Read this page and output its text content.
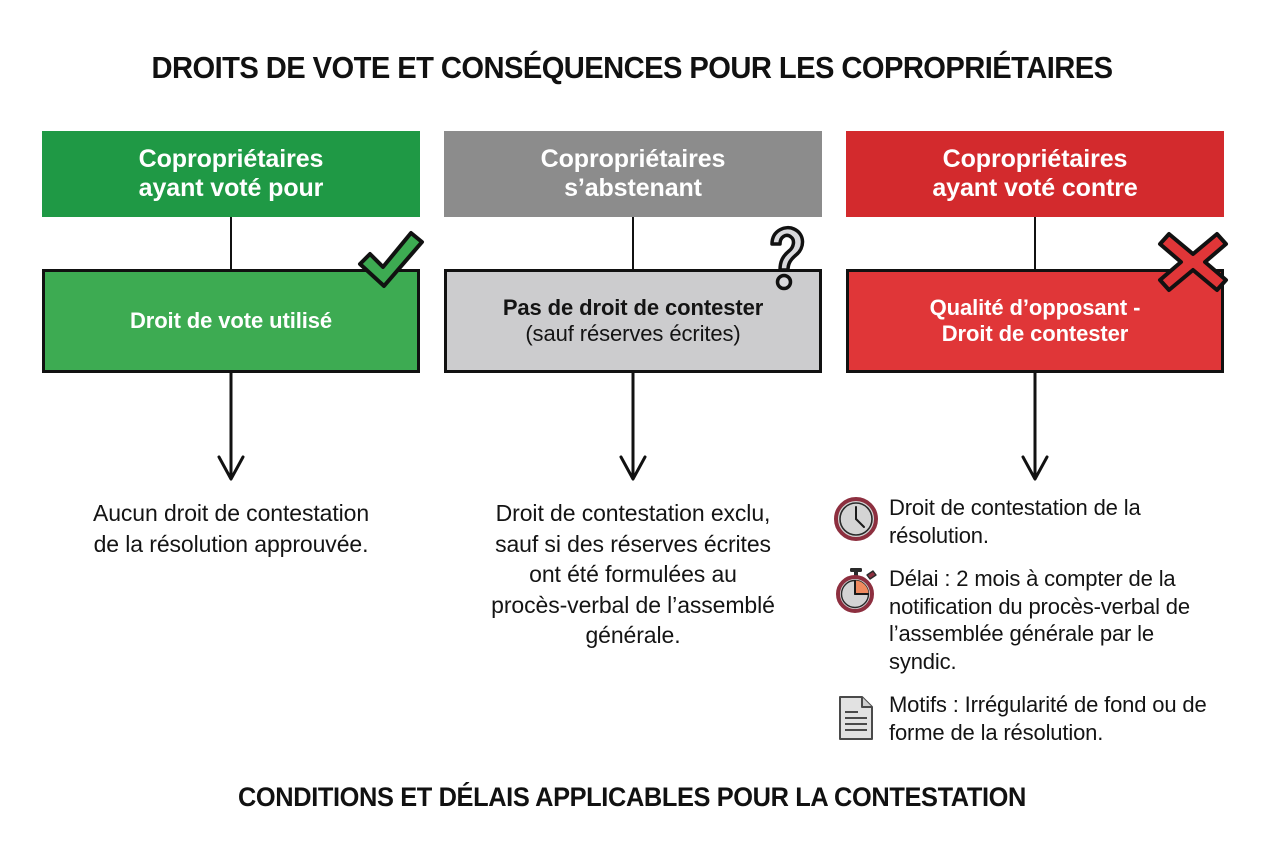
DROITS DE VOTE ET CONSÉQUENCES POUR LES COPROPRIÉTAIRES
Copropriétaires
ayant voté pour
Droit de vote utilisé
Aucun droit de contestation
de la résolution approuvée.
Copropriétaires
s’abstenant
Pas de droit de contester
(sauf réserves écrites)
Droit de contestation exclu,
sauf si des réserves écrites
ont été formulées au
procès-verbal de l’assemblé
générale.
Copropriétaires
ayant voté contre
Qualité d’opposant -
Droit de contester
Droit de contestation de la résolution.
Délai : 2 mois à compter de la notification du procès-verbal de l’assemblée générale par le syndic.
Motifs : Irrégularité de fond ou de forme de la résolution.
CONDITIONS ET DÉLAIS APPLICABLES POUR LA CONTESTATION
